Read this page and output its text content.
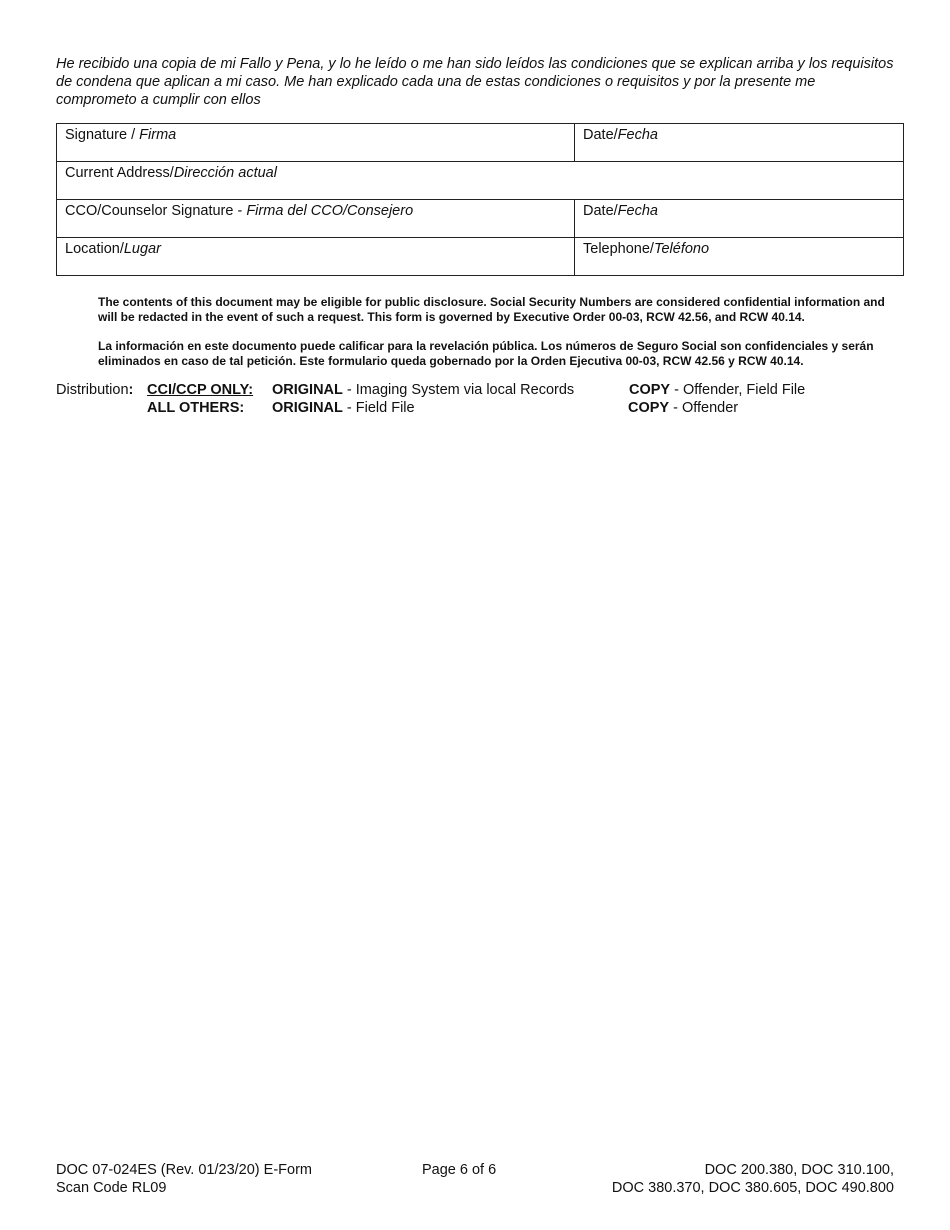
He recibido una copia de mi Fallo y Pena, y lo he leído o me han sido leídos las condiciones que se explican arriba y los requisitos de condena que aplican a mi caso. Me han explicado cada una de estas condiciones o requisitos y por la presente me comprometo a cumplir con ellos
Signature / Firma	Date/Fecha
Current Address/Dirección actual	
CCO/Counselor Signature - Firma del CCO/Consejero	Date/Fecha
Location/Lugar	Telephone/Teléfono
The contents of this document may be eligible for public disclosure. Social Security Numbers are considered confidential information and will be redacted in the event of such a request. This form is governed by Executive Order 00-03, RCW 42.56, and RCW 40.14.
La información en este documento puede calificar para la revelación pública. Los números de Seguro Social son confidenciales y serán eliminados en caso de tal petición. Este formulario queda gobernado por la Orden Ejecutiva 00-03, RCW 42.56 y RCW 40.14.
Distribution: CCI/CCP ONLY: ORIGINAL - Imaging System via local Records	COPY - Offender, Field File
ALL OTHERS: ORIGINAL - Field File	COPY - Offender
DOC 07-024ES (Rev. 01/23/20) E-Form
Scan Code RL09
Page 6 of 6	DOC 200.380, DOC 310.100,
DOC 380.370, DOC 380.605, DOC 490.800
